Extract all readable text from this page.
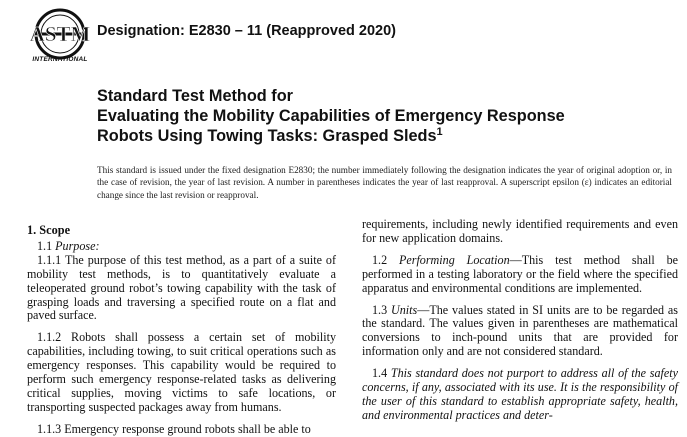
ASTM
INTERNATIONAL
Designation: E2830 – 11 (Reapproved 2020)
Standard Test Method for
Evaluating the Mobility Capabilities of Emergency Response
Robots Using Towing Tasks: Grasped Sleds$^1$
This standard is issued under the fixed designation E2830; the number immediately following the designation indicates the year of original adoption or, in the case of revision, the year of last revision. A number in parentheses indicates the year of last reapproval. A superscript epsilon (ε) indicates an editorial change since the last revision or reapproval.
1. Scope

1.1 Purpose:

1.1.1 The purpose of this test method, as a part of a suite of mobility test methods, is to quantitatively evaluate a teleoperated ground robot’s towing capability with the task of grasping loads and traversing a specified route on a flat and paved surface.

1.1.2 Robots shall possess a certain set of mobility capabilities, including towing, to suit critical operations such as emergency responses. This capability would be required to perform such emergency response-related tasks as delivering critical supplies, moving victims to safe locations, or transporting suspected packages away from humans.

1.1.3 Emergency response ground robots shall be able to

requirements, including newly identified requirements and even for new application domains.

1.2 Performing Location—This test method shall be performed in a testing laboratory or the field where the specified apparatus and environmental conditions are implemented.

1.3 Units—The values stated in SI units are to be regarded as the standard. The values given in parentheses are mathematical conversions to inch-pound units that are provided for information only and are not considered standard.

1.4 This standard does not purport to address all of the safety concerns, if any, associated with its use. It is the responsibility of the user of this standard to establish appropriate safety, health, and environmental practices and deter-
